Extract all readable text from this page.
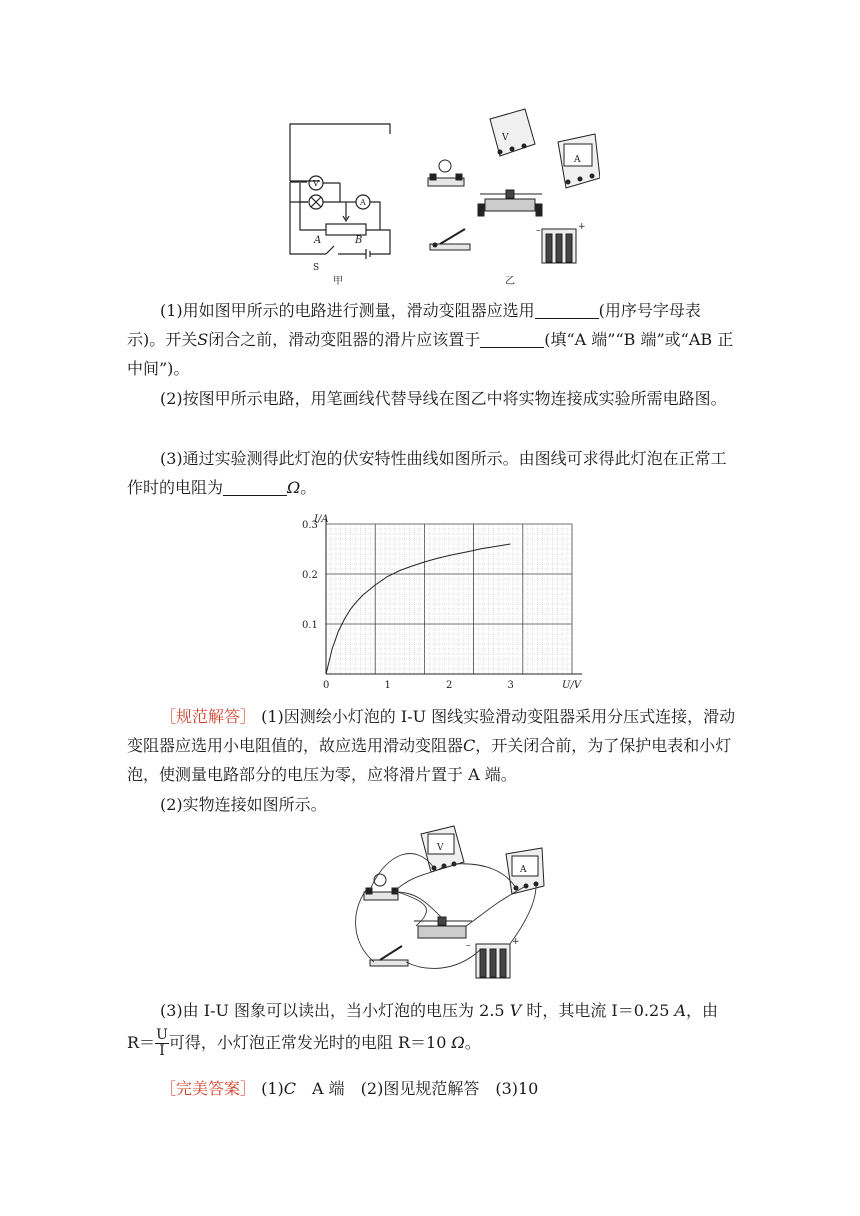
V
A
A	B
S
甲	乙
V
A
–	+
(1)用如图甲所示的电路进行测量，滑动变阻器应选用	(用序号字母表示)。开关S闭合之前，滑动变阻器的滑片应该置于	(填“A 端”“B 端”或“AB 正中间”)。
(2)按图甲所示电路，用笔画线代替导线在图乙中将实物连接成实验所需电路图。
(3)通过实验测得此灯泡的伏安特性曲线如图所示。由图线可求得此灯泡在正常工作时的电阻为	Ω。
0	1	2	3
0.1
0.2
0.3
U/V
I/A
［规范解答］ (1)因测绘小灯泡的 I-U 图线实验滑动变阻器采用分压式连接，滑动变阻器应选用小电阻值的，故应选用滑动变阻器C，开关闭合前，为了保护电表和小灯泡，使测量电路部分的电压为零，应将滑片置于 A 端。
(2)实物连接如图所示。
V
A
–	+
(3)由 I-U 图象可以读出，当小灯泡的电压为 2.5 V 时，其电流 I＝0.25 A，由
$R= \frac{U}{I}$ 可得，小灯泡正常发光时的电阻 R＝10 Ω。
［完美答案］ (1)C　A 端　(2)图见规范解答　(3)10
